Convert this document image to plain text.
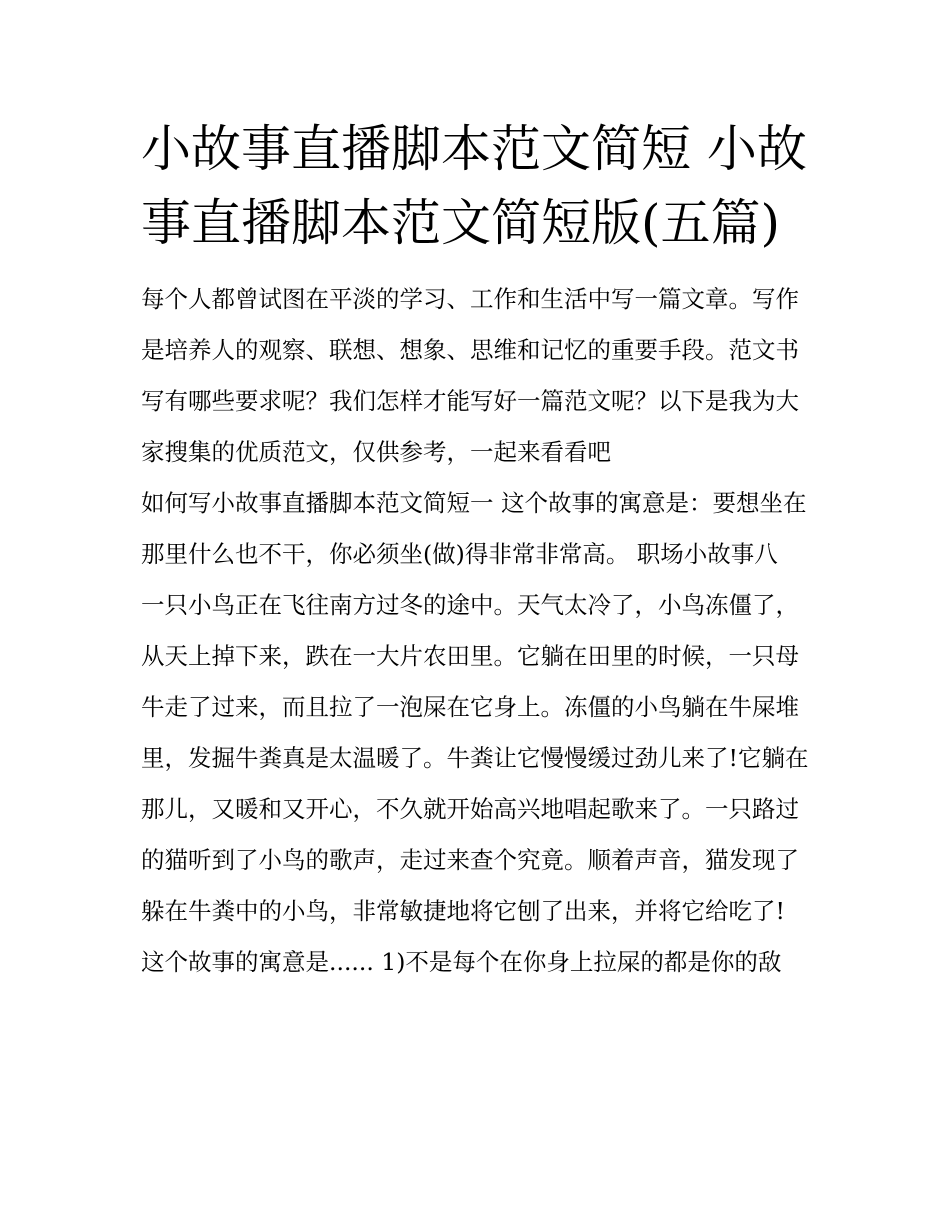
小故事直播脚本范文简短 小故事直播脚本范文简短版(五篇)

每个人都曾试图在平淡的学习、工作和生活中写一篇文章。写作是培养人的观察、联想、想象、思维和记忆的重要手段。范文书写有哪些要求呢？我们怎样才能写好一篇范文呢？以下是我为大家搜集的优质范文，仅供参考，一起来看看吧

如何写小故事直播脚本范文简短一 这个故事的寓意是：要想坐在那里什么也不干，你必须坐(做)得非常非常高。 职场小故事八

一只小鸟正在飞往南方过冬的途中。天气太冷了，小鸟冻僵了，从天上掉下来，跌在一大片农田里。它躺在田里的时候，一只母牛走了过来，而且拉了一泡屎在它身上。冻僵的小鸟躺在牛屎堆里，发掘牛粪真是太温暖了。牛粪让它慢慢缓过劲儿来了!它躺在那儿，又暖和又开心，不久就开始高兴地唱起歌来了。一只路过的猫听到了小鸟的歌声，走过来查个究竟。顺着声音，猫发现了躲在牛粪中的小鸟，非常敏捷地将它刨了出来，并将它给吃了!

这个故事的寓意是...... 1)不是每个在你身上拉屎的都是你的敌
